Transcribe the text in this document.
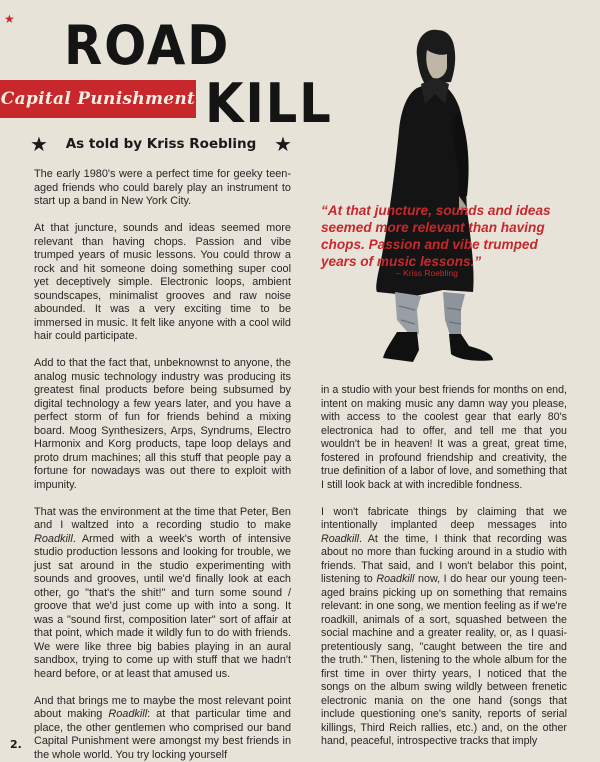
★ ROAD
Capital Punishment KILL
★ As told by Kriss Roebling ★
“At that juncture, sounds and ideas seemed more relevant than having chops. Passion and vibe trumped years of music lessons.”
– Kriss Roebling

The early 1980's were a perfect time for geeky teen-aged friends who could barely play an instrument to start up a band in New York City.

At that juncture, sounds and ideas seemed more relevant than having chops. Passion and vibe trumped years of music lessons. You could throw a rock and hit someone doing something super cool yet deceptively simple. Electronic loops, ambient soundscapes, minimalist grooves and raw noise abounded. It was a very exciting time to be immersed in music. It felt like anyone with a cool wild hair could participate.

Add to that the fact that, unbeknownst to anyone, the analog music technology industry was producing its greatest final products before being subsumed by digital technology a few years later, and you have a perfect storm of fun for friends behind a mixing board. Moog Synthesizers, Arps, Syndrums, Electro Harmonix and Korg products, tape loop delays and proto drum machines; all this stuff that people pay a fortune for nowadays was out there to exploit with impunity.

That was the environment at the time that Peter, Ben and I waltzed into a recording studio to make Roadkill. Armed with a week's worth of intensive studio production lessons and looking for trouble, we just sat around in the studio experimenting with sounds and grooves, until we'd finally look at each other, go "that's the shit!" and turn some sound / groove that we'd just come up with into a song. It was a "sound first, composition later" sort of affair at that point, which made it wildly fun to do with friends. We were like three big babies playing in an aural sandbox, trying to come up with stuff that we hadn't heard before, or at least that amused us.

And that brings me to maybe the most relevant point about making Roadkill: at that particular time and place, the other gentlemen who comprised our band Capital Punishment were amongst my best friends in the whole world. You try locking yourself

in a studio with your best friends for months on end, intent on making music any damn way you please, with access to the coolest gear that early 80's electronica had to offer, and tell me that you wouldn't be in heaven! It was a great, great time, fostered in profound friendship and creativity, the true definition of a labor of love, and something that I still look back at with incredible fondness.

I won't fabricate things by claiming that we intentionally implanted deep messages into Roadkill. At the time, I think that recording was about no more than fucking around in a studio with friends. That said, and I won't belabor this point, listening to Roadkill now, I do hear our young teen-aged brains picking up on something that remains relevant: in one song, we mention feeling as if we're roadkill, animals of a sort, squashed between the social machine and a greater reality, or, as I quasi-pretentiously sang, "caught between the tire and the truth." Then, listening to the whole album for the first time in over thirty years, I noticed that the songs on the album swing wildly between frenetic electronic mania on the one hand (songs that include questioning one's sanity, reports of serial killings, Third Reich rallies, etc.) and, on the other hand, peaceful, introspective tracks that imply

2.
